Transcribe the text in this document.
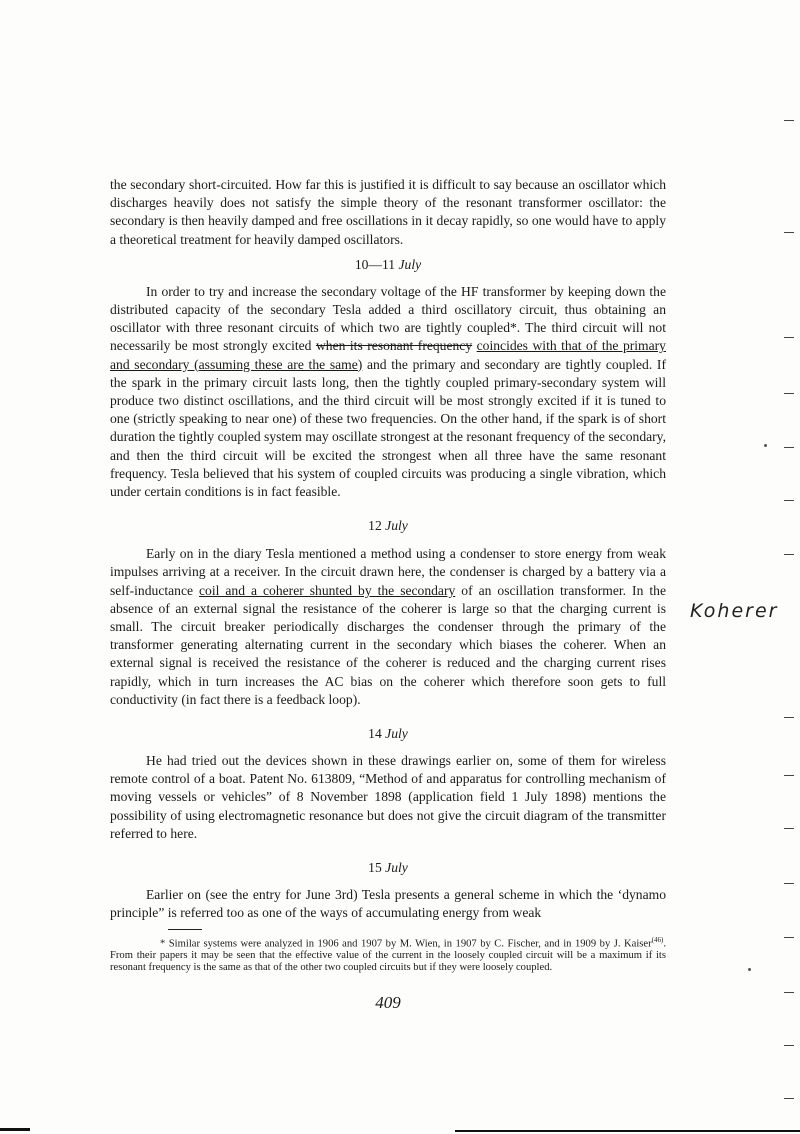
the secondary short-circuited. How far this is justified it is difficult to say because an oscillator which discharges heavily does not satisfy the simple theory of the resonant transformer oscillator: the secondary is then heavily damped and free oscillations in it decay rapidly, so one would have to apply a theoretical treatment for heavily damped oscillators.

10—11 July

In order to try and increase the secondary voltage of the HF transformer by keeping down the distributed capacity of the secondary Tesla added a third oscillatory circuit, thus obtaining an oscillator with three resonant circuits of which two are tightly coupled*. The third circuit will not necessarily be most strongly excited when its resonant frequency coincides with that of the primary and secondary (assuming these are the same) and the primary and secondary are tightly coupled. If the spark in the primary circuit lasts long, then the tightly coupled primary-secondary system will produce two distinct oscillations, and the third circuit will be most strongly excited if it is tuned to one (strictly speaking to near one) of these two frequencies. On the other hand, if the spark is of short duration the tightly coupled system may oscillate strongest at the resonant frequency of the secondary, and then the third circuit will be excited the strongest when all three have the same resonant frequency. Tesla believed that his system of coupled circuits was producing a single vibration, which under certain conditions is in fact feasible.

12 July

Early on in the diary Tesla mentioned a method using a condenser to store energy from weak impulses arriving at a receiver. In the circuit drawn here, the condenser is charged by a battery via a self-inductance coil and a coherer shunted by the secondary of an oscillation transformer. In the absence of an external signal the resistance of the coherer is large so that the charging current is small. The circuit breaker periodically discharges the condenser through the primary of the transformer generating alternating current in the secondary which biases the coherer. When an external signal is received the resistance of the coherer is reduced and the charging current rises rapidly, which in turn increases the AC bias on the coherer which therefore soon gets to full conductivity (in fact there is a feedback loop).

14 July

He had tried out the devices shown in these drawings earlier on, some of them for wireless remote control of a boat. Patent No. 613809, “Method of and apparatus for controlling mechanism of moving vessels or vehicles” of 8 November 1898 (application field 1 July 1898) mentions the possibility of using electromagnetic resonance but does not give the circuit diagram of the transmitter referred to here.

15 July

Earlier on (see the entry for June 3rd) Tesla presents a general scheme in which the ‘dynamo principle” is referred too as one of the ways of accumulating energy from weak

* Similar systems were analyzed in 1906 and 1907 by M. Wien, in 1907 by C. Fischer, and in 1909 by J. Kaiser$^{(46)}$. From their papers it may be seen that the effective value of the current in the loosely coupled circuit will be a maximum if its resonant frequency is the same as that of the other two coupled circuits but if they were loosely coupled.
409
Koherer
